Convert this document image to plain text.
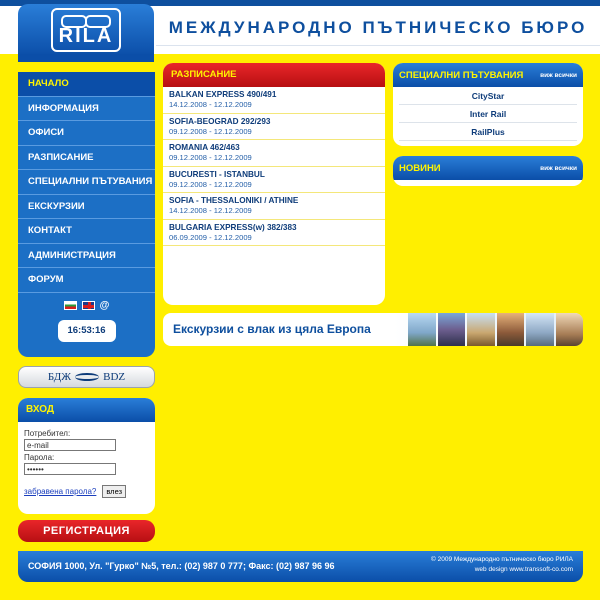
RILA	МЕЖДУНАРОДНО ПЪТНИЧЕСКО БЮРО
НАЧАЛО
ИНФОРМАЦИЯ
ОФИСИ
РАЗПИСАНИЕ
СПЕЦИАЛНИ ПЪТУВАНИЯ
ЕКСКУРЗИИ
КОНТАКТ
АДМИНИСТРАЦИЯ
ФОРУМ
@
16:53:16
БДЖ	BDZ
ВХОД
Потребител:
e-mail
Парола:
••••••
забравена парола?	влез
РЕГИСТРАЦИЯ
РАЗПИСАНИЕ
BALKAN EXPRESS 490/491
14.12.2008 - 12.12.2009
SOFIA-BEOGRAD 292/293
09.12.2008 - 12.12.2009
ROMANIA 462/463
09.12.2008 - 12.12.2009
BUCURESTI - ISTANBUL
09.12.2008 - 12.12.2009
SOFIA - THESSALONIKI / ATHINE
14.12.2008 - 12.12.2009
BULGARIA EXPRESS(w) 382/383
06.09.2009 - 12.12.2009
Екскурзии с влак из цяла Европа
СПЕЦИАЛНИ ПЪТУВАНИЯ	виж всички
CityStar
Inter Rail
RailPlus
НОВИНИ	виж всички
СОФИЯ 1000, Ул. "Гурко" №5, тел.: (02) 987 0 777; Факс: (02) 987 96 96
© 2009 Международно пътническо бюро РИЛА
web design www.transsoft-co.com
